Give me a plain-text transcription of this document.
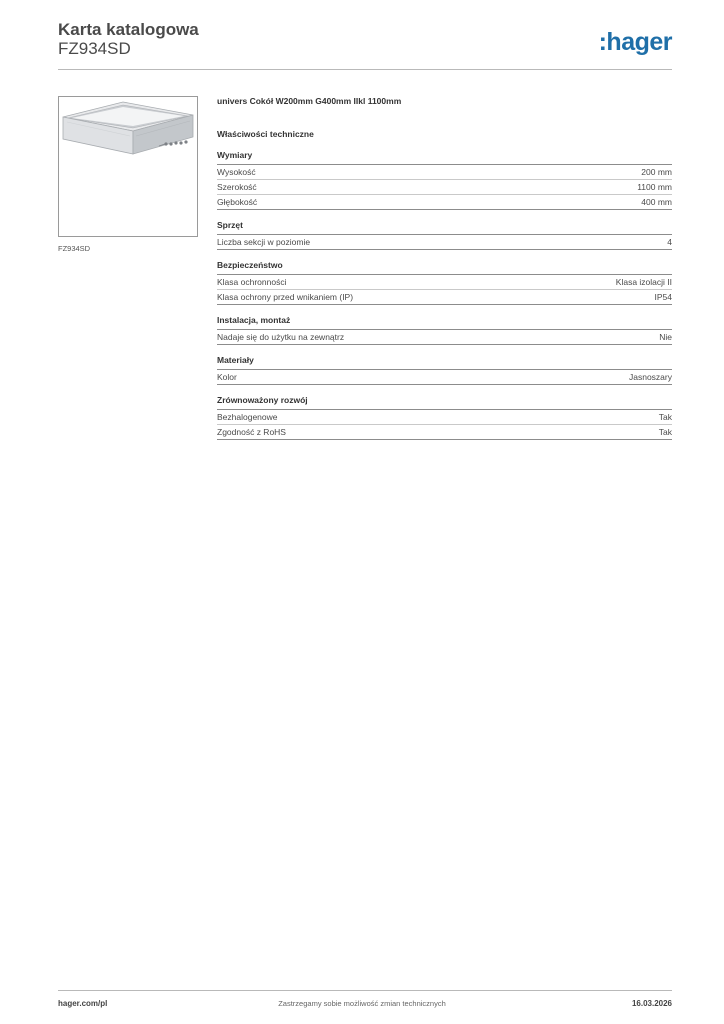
Karta katalogowa
FZ934SD	:hager
FZ934SD
univers Cokół W200mm G400mm IIkl 1100mm
Właściwości techniczne
Wymiary
Wysokość	200 mm
Szerokość	1100 mm
Głębokość	400 mm
Sprzęt
Liczba sekcji w poziomie	4
Bezpieczeństwo
Klasa ochronności	Klasa izolacji II
Klasa ochrony przed wnikaniem (IP)	IP54
Instalacja, montaż
Nadaje się do użytku na zewnątrz	Nie
Materiały
Kolor	Jasnoszary
Zrównoważony rozwój
Bezhalogenowe	Tak
Zgodność z RoHS	Tak
hager.com/pl	Zastrzegamy sobie możliwość zmian technicznych	16.03.2026
